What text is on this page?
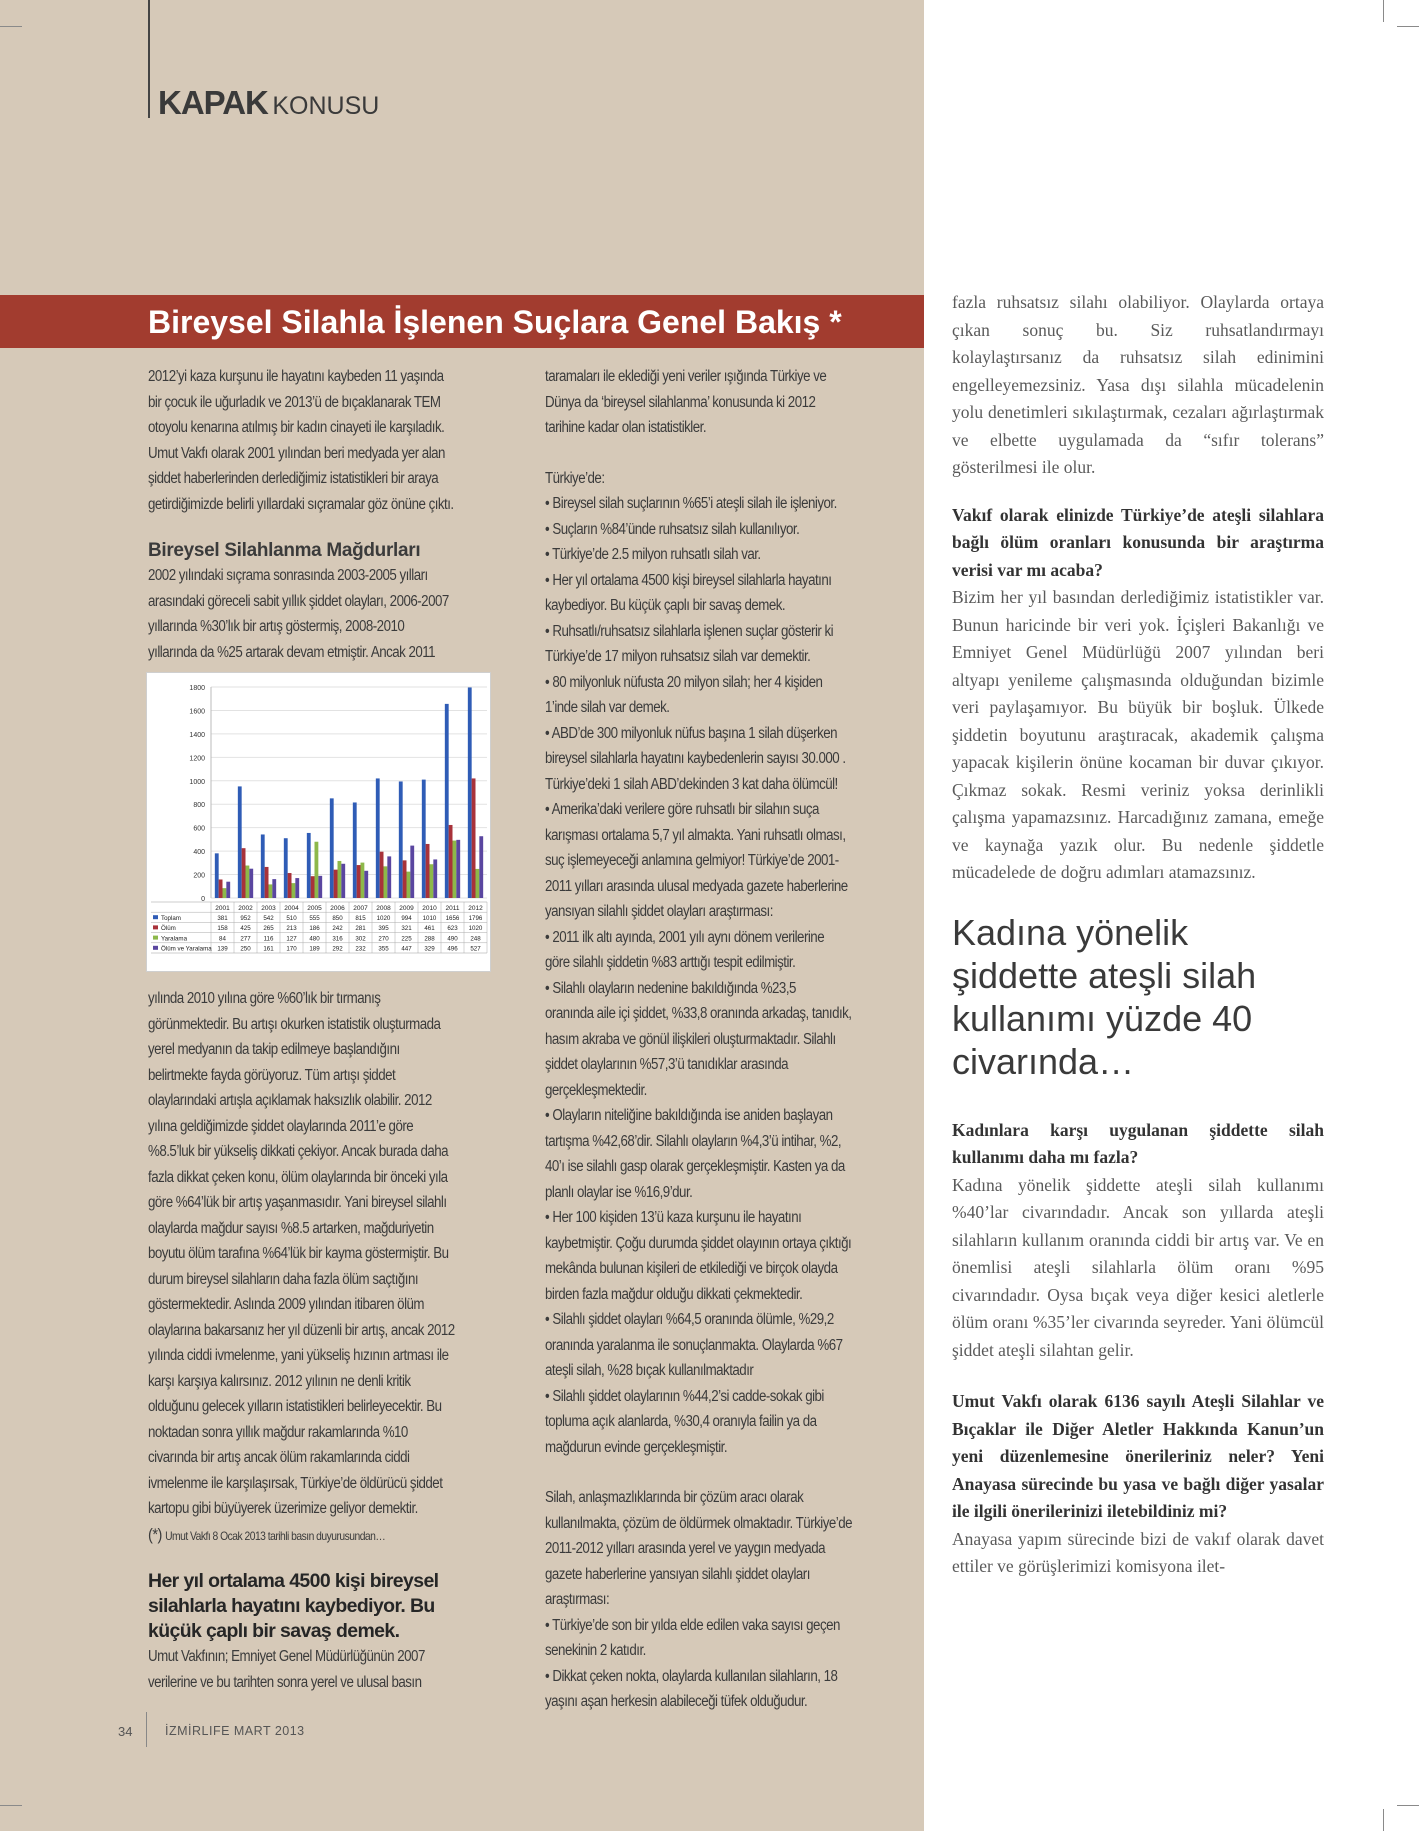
KAPAK KONUSU
Bireysel Silahla İşlenen Suçlara Genel Bakış *
2012’yi kaza kurşunu ile hayatını kaybeden 11 yaşında
bir çocuk ile uğurladık ve 2013’ü de bıçaklanarak TEM
otoyolu kenarına atılmış bir kadın cinayeti ile karşıladık.
Umut Vakfı olarak 2001 yılından beri medyada yer alan
şiddet haberlerinden derlediğimiz istatistikleri bir araya
getirdiğimizde belirli yıllardaki sıçramalar göz önüne çıktı.
Bireysel Silahlanma Mağdurları
2002 yılındaki sıçrama sonrasında 2003-2005 yılları
arasındaki göreceli sabit yıllık şiddet olayları, 2006-2007
yıllarında %30’lık bir artış göstermiş, 2008-2010
yıllarında da %25 artarak devam etmiştir. Ancak 2011
0
200
400
600
800
1000
1200
1400
1600
1800
2001 2002 2003 2004 2005 2006 2007 2008 2009 2010 2011 2012
Toplam	381 952 542 510 555 850 815 1020 994 1010 1656 1796
Ölüm	158 425 265 213 186 242 281 395 321 461 623 1020
Yaralama	84 277 116 127 480 316 302 270 225 288 490 248
Ölüm ve Yaralama 139 250 161 170 189 292 232 355 447 329 496 527
yılında 2010 yılına göre %60’lık bir tırmanış
görünmektedir. Bu artışı okurken istatistik oluşturmada
yerel medyanın da takip edilmeye başlandığını
belirtmekte fayda görüyoruz. Tüm artışı şiddet
olaylarındaki artışla açıklamak haksızlık olabilir. 2012
yılına geldiğimizde şiddet olaylarında 2011’e göre
%8.5’luk bir yükseliş dikkati çekiyor. Ancak burada daha
fazla dikkat çeken konu, ölüm olaylarında bir önceki yıla
göre %64’lük bir artış yaşanmasıdır. Yani bireysel silahlı
olaylarda mağdur sayısı %8.5 artarken, mağduriyetin
boyutu ölüm tarafına %64’lük bir kayma göstermiştir. Bu
durum bireysel silahların daha fazla ölüm saçtığını
göstermektedir. Aslında 2009 yılından itibaren ölüm
olaylarına bakarsanız her yıl düzenli bir artış, ancak 2012
yılında ciddi ivmelenme, yani yükseliş hızının artması ile
karşı karşıya kalırsınız. 2012 yılının ne denli kritik
olduğunu gelecek yılların istatistikleri belirleyecektir. Bu
noktadan sonra yıllık mağdur rakamlarında %10
civarında bir artış ancak ölüm rakamlarında ciddi
ivmelenme ile karşılaşırsak, Türkiye’de öldürücü şiddet
kartopu gibi büyüyerek üzerimize geliyor demektir.
(*) Umut Vakfı 8 Ocak 2013 tarihli basın duyurusundan…
Her yıl ortalama 4500 kişi bireysel
silahlarla hayatını kaybediyor. Bu
küçük çaplı bir savaş demek.
Umut Vakfının; Emniyet Genel Müdürlüğünün 2007
verilerine ve bu tarihten sonra yerel ve ulusal basın
taramaları ile eklediği yeni veriler ışığında Türkiye ve
Dünya da ‘bireysel silahlanma’ konusunda ki 2012
tarihine kadar olan istatistikler.
Türkiye’de:
• Bireysel silah suçlarının %65’i ateşli silah ile işleniyor.
• Suçların %84’ünde ruhsatsız silah kullanılıyor.
• Türkiye’de 2.5 milyon ruhsatlı silah var.
• Her yıl ortalama 4500 kişi bireysel silahlarla hayatını
kaybediyor. Bu küçük çaplı bir savaş demek.
• Ruhsatlı/ruhsatsız silahlarla işlenen suçlar gösterir ki
Türkiye’de 17 milyon ruhsatsız silah var demektir.
• 80 milyonluk nüfusta 20 milyon silah; her 4 kişiden
1’inde silah var demek.
• ABD’de 300 milyonluk nüfus başına 1 silah düşerken
bireysel silahlarla hayatını kaybedenlerin sayısı 30.000 .
Türkiye’deki 1 silah ABD’dekinden 3 kat daha ölümcül!
• Amerika’daki verilere göre ruhsatlı bir silahın suça
karışması ortalama 5,7 yıl almakta. Yani ruhsatlı olması,
suç işlemeyeceği anlamına gelmiyor! Türkiye’de 2001-
2011 yılları arasında ulusal medyada gazete haberlerine
yansıyan silahlı şiddet olayları araştırması:
• 2011 ilk altı ayında, 2001 yılı aynı dönem verilerine
göre silahlı şiddetin %83 arttığı tespit edilmiştir.
• Silahlı olayların nedenine bakıldığında %23,5
oranında aile içi şiddet, %33,8 oranında arkadaş, tanıdık,
hasım akraba ve gönül ilişkileri oluşturmaktadır. Silahlı
şiddet olaylarının %57,3’ü tanıdıklar arasında
gerçekleşmektedir.
• Olayların niteliğine bakıldığında ise aniden başlayan
tartışma %42,68’dir. Silahlı olayların %4,3’ü intihar, %2,
40’ı ise silahlı gasp olarak gerçekleşmiştir. Kasten ya da
planlı olaylar ise %16,9’dur.
• Her 100 kişiden 13’ü kaza kurşunu ile hayatını
kaybetmiştir. Çoğu durumda şiddet olayının ortaya çıktığı
mekânda bulunan kişileri de etkilediği ve birçok olayda
birden fazla mağdur olduğu dikkati çekmektedir.
• Silahlı şiddet olayları %64,5 oranında ölümle, %29,2
oranında yaralanma ile sonuçlanmakta. Olaylarda %67
ateşli silah, %28 bıçak kullanılmaktadır
• Silahlı şiddet olaylarının %44,2’si cadde-sokak gibi
topluma açık alanlarda, %30,4 oranıyla failin ya da
mağdurun evinde gerçekleşmiştir.
Silah, anlaşmazlıklarında bir çözüm aracı olarak
kullanılmakta, çözüm de öldürmek olmaktadır. Türkiye’de
2011-2012 yılları arasında yerel ve yaygın medyada
gazete haberlerine yansıyan silahlı şiddet olayları
araştırması:
• Türkiye’de son bir yılda elde edilen vaka sayısı geçen
senekinin 2 katıdır.
• Dikkat çeken nokta, olaylarda kullanılan silahların, 18
yaşını aşan herkesin alabileceği tüfek olduğudur.

fazla ruhsatsız silahı olabiliyor. Olaylarda ortaya çıkan sonuç bu. Siz ruhsatlandırmayı kolaylaştırsanız da ruhsatsız silah edinimini engelleyemezsiniz. Yasa dışı silahla mücadelenin yolu denetimleri sıkılaştırmak, cezaları ağırlaştırmak ve elbette uygulamada da “sıfır tolerans” gösterilmesi ile olur.

Vakıf olarak elinizde Türkiye’de ateşli silahlara bağlı ölüm oranları konusunda bir araştırma verisi var mı acaba?

Bizim her yıl basından derlediğimiz istatistikler var. Bunun haricinde bir veri yok. İçişleri Bakanlığı ve Emniyet Genel Müdürlüğü 2007 yılından beri altyapı yenileme çalışmasında olduğundan bizimle veri paylaşamıyor. Bu büyük bir boşluk. Ülkede şiddetin boyutunu araştıracak, akademik çalışma yapacak kişilerin önüne kocaman bir duvar çıkıyor. Çıkmaz sokak. Resmi veriniz yoksa derinlikli çalışma yapamazsınız. Harcadığınız zamana, emeğe ve kaynağa yazık olur. Bu nedenle şiddetle mücadelede de doğru adımları atamazsınız.

Kadına yönelik şiddette ateşli silah kullanımı yüzde 40 civarında…

Kadınlara karşı uygulanan şiddette silah kullanımı daha mı fazla?

Kadına yönelik şiddette ateşli silah kullanımı %40’lar civarındadır. Ancak son yıllarda ateşli silahların kullanım oranında ciddi bir artış var. Ve en önemlisi ateşli silahlarla ölüm oranı %95 civarındadır. Oysa bıçak veya diğer kesici aletlerle ölüm oranı %35’ler civarında seyreder. Yani ölümcül şiddet ateşli silahtan gelir.

Umut Vakfı olarak 6136 sayılı Ateşli Silahlar ve Bıçaklar ile Diğer Aletler Hakkında Kanun’un yeni düzenlemesine önerileriniz neler? Yeni Anayasa sürecinde bu yasa ve bağlı diğer yasalar ile ilgili önerilerinizi iletebildiniz mi?

Anayasa yapım sürecinde bizi de vakıf olarak davet ettiler ve görüşlerimizi komisyona ilet-

34	İZMİRLIFE MART 2013
